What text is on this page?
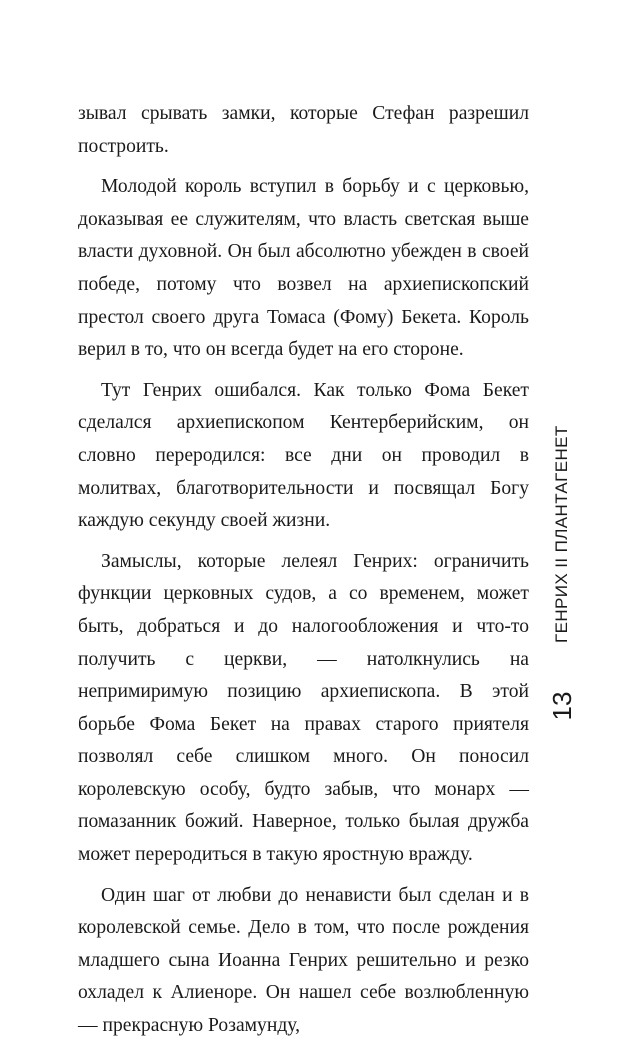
зывал срывать замки, которые Стефан разрешил построить.

Молодой король вступил в борьбу и с церковью, доказывая ее служителям, что власть светская выше власти духовной. Он был абсолютно убежден в своей победе, потому что возвел на архиепископский престол своего друга Томаса (Фому) Бекета. Король верил в то, что он всегда будет на его стороне.

Тут Генрих ошибался. Как только Фома Бекет сделался архиепископом Кентерберийским, он словно переродился: все дни он проводил в молитвах, благотворительности и посвящал Богу каждую секунду своей жизни.

Замыслы, которые лелеял Генрих: ограничить функции церковных судов, а со временем, может быть, добраться и до налогообложения и что-то получить с церкви, — натолкнулись на непримиримую позицию архиепископа. В этой борьбе Фома Бекет на правах старого приятеля позволял себе слишком много. Он поносил королевскую особу, будто забыв, что монарх — помазанник божий. Наверное, только былая дружба может переродиться в такую яростную вражду.

Один шаг от любви до ненависти был сделан и в королевской семье. Дело в том, что после рождения младшего сына Иоанна Генрих решительно и резко охладел к Алиеноре. Он нашел себе возлюбленную — прекрасную Розамунду,

ГЕНРИХ II ПЛАНТАГЕНЕТ
13
